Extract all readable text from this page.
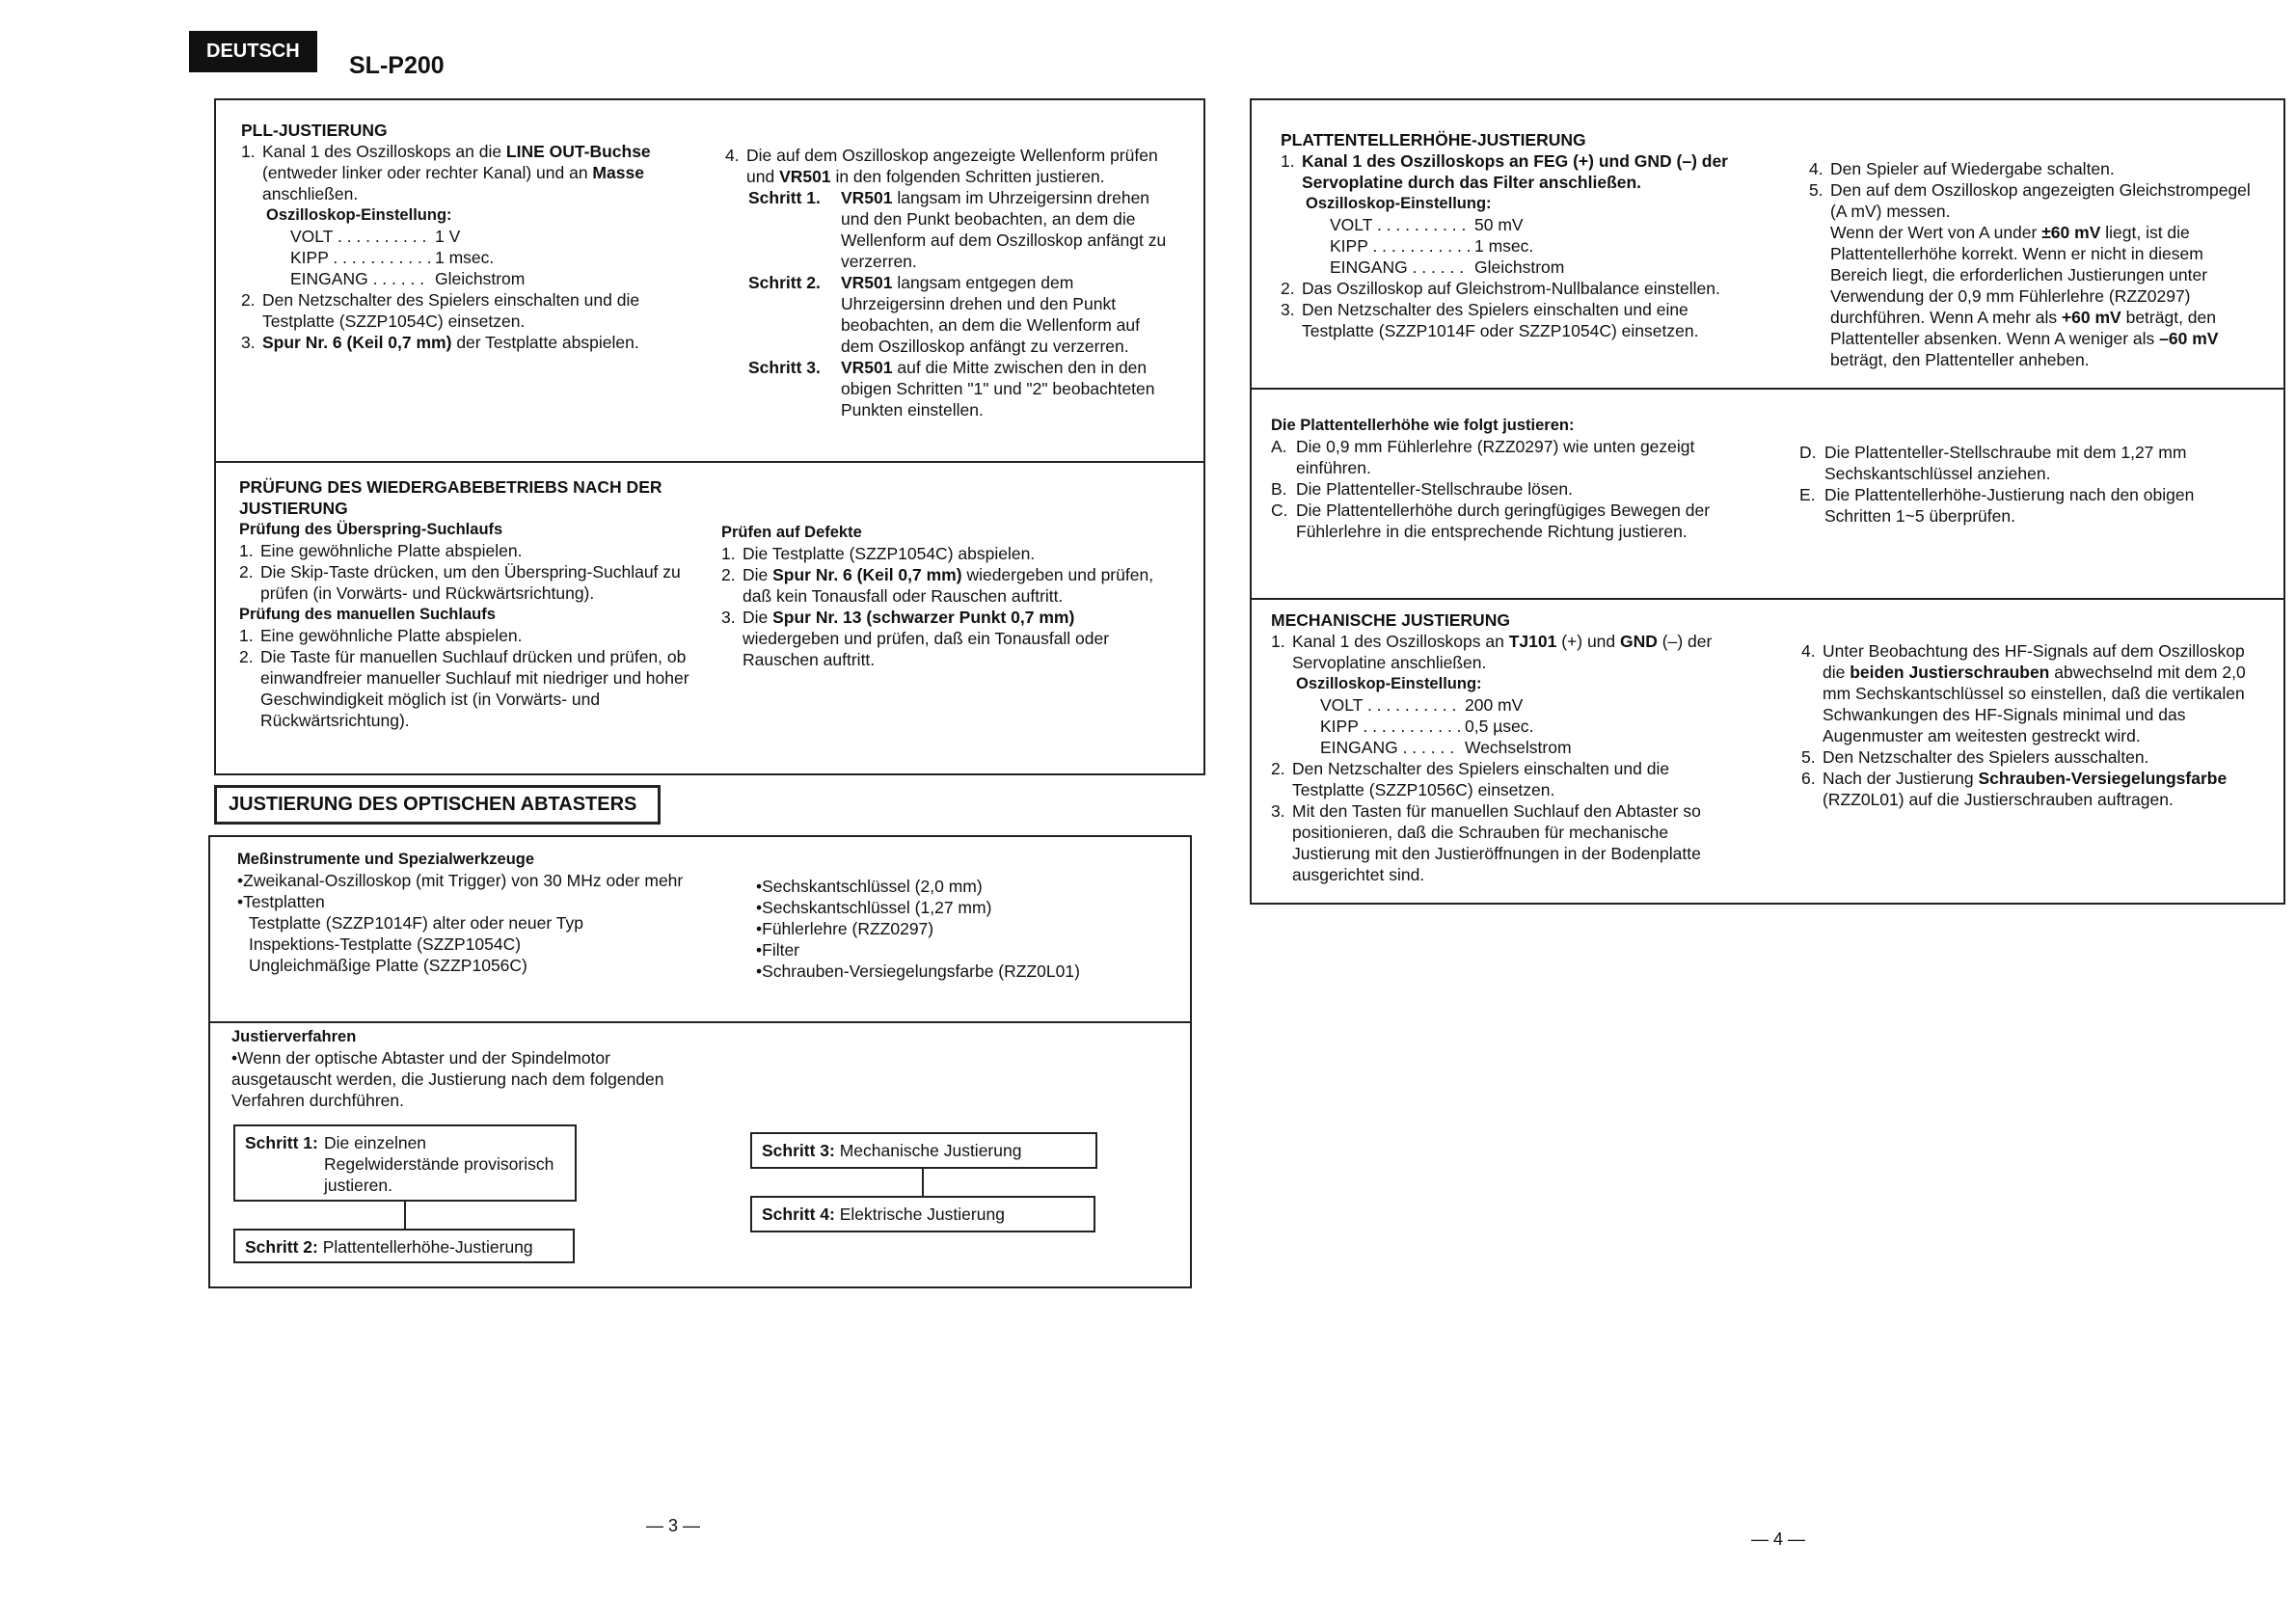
DEUTSCH
SL-P200
PLL-JUSTIERUNG
1. Kanal 1 des Oszilloskops an die LINE OUT-Buchse (entweder linker oder rechter Kanal) und an Masse anschließen.
Oszilloskop-Einstellung:
VOLT . . . . . . . . . . 1 V
KIPP . . . . . . . . . . . 1 msec.
EINGANG . . . . . . Gleichstrom
2. Den Netzschalter des Spielers einschalten und die Testplatte (SZZP1054C) einsetzen.
3. Spur Nr. 6 (Keil 0,7 mm) der Testplatte abspielen.
4. Die auf dem Oszilloskop angezeigte Wellenform prüfen und VR501 in den folgenden Schritten justieren.
Schritt 1.	VR501 langsam im Uhrzeigersinn drehen und den Punkt beobachten, an dem die Wellenform auf dem Oszilloskop anfängt zu verzerren.
Schritt 2.	VR501 langsam entgegen dem Uhrzeigersinn drehen und den Punkt beobachten, an dem die Wellenform auf dem Oszilloskop anfängt zu verzerren.
Schritt 3.	VR501 auf die Mitte zwischen den in den obigen Schritten "1" und "2" beobachteten Punkten einstellen.
PRÜFUNG DES WIEDERGABEBETRIEBS NACH DER JUSTIERUNG
Prüfung des Überspring-Suchlaufs
1. Eine gewöhnliche Platte abspielen.
2. Die Skip-Taste drücken, um den Überspring-Suchlauf zu prüfen (in Vorwärts- und Rückwärtsrichtung).
Prüfung des manuellen Suchlaufs
1. Eine gewöhnliche Platte abspielen.
2. Die Taste für manuellen Suchlauf drücken und prüfen, ob einwandfreier manueller Suchlauf mit niedriger und hoher Geschwindigkeit möglich ist (in Vorwärts- und Rückwärtsrichtung).
Prüfen auf Defekte
1. Die Testplatte (SZZP1054C) abspielen.
2. Die Spur Nr. 6 (Keil 0,7 mm) wiedergeben und prüfen, daß kein Tonausfall oder Rauschen auftritt.
3. Die Spur Nr. 13 (schwarzer Punkt 0,7 mm) wiedergeben und prüfen, daß ein Tonausfall oder Rauschen auftritt.
JUSTIERUNG DES OPTISCHEN ABTASTERS
Meßinstrumente und Spezialwerkzeuge
•Zweikanal-Oszilloskop (mit Trigger) von 30 MHz oder mehr
•Testplatten
Testplatte (SZZP1014F) alter oder neuer Typ
Inspektions-Testplatte (SZZP1054C)
Ungleichmäßige Platte (SZZP1056C)
•Sechskantschlüssel (2,0 mm)
•Sechskantschlüssel (1,27 mm)
•Fühlerlehre (RZZ0297)
•Filter
•Schrauben-Versiegelungsfarbe (RZZ0L01)
Justierverfahren
•Wenn der optische Abtaster und der Spindelmotor ausgetauscht werden, die Justierung nach dem folgenden Verfahren durchführen.
Schritt 1: Die einzelnen Regelwiderstände provisorisch justieren.
Schritt 2: Plattentellerhöhe-Justierung
Schritt 3: Mechanische Justierung
Schritt 4: Elektrische Justierung
— 3 —
PLATTENTELLERHÖHE-JUSTIERUNG
1. Kanal 1 des Oszilloskops an FEG (+) und GND (–) der Servoplatine durch das Filter anschließen.
Oszilloskop-Einstellung:
VOLT . . . . . . . . . . 50 mV
KIPP . . . . . . . . . . . 1 msec.
EINGANG . . . . . . Gleichstrom
2. Das Oszilloskop auf Gleichstrom-Nullbalance einstellen.
3. Den Netzschalter des Spielers einschalten und eine Testplatte (SZZP1014F oder SZZP1054C) einsetzen.
4. Den Spieler auf Wiedergabe schalten.
5. Den auf dem Oszilloskop angezeigten Gleichstrompegel (A mV) messen.
Wenn der Wert von A under ±60 mV liegt, ist die Plattentellerhöhe korrekt. Wenn er nicht in diesem Bereich liegt, die erforderlichen Justierungen unter Verwendung der 0,9 mm Fühlerlehre (RZZ0297) durchführen. Wenn A mehr als +60 mV beträgt, den Plattenteller absenken. Wenn A weniger als –60 mV beträgt, den Plattenteller anheben.
Die Plattentellerhöhe wie folgt justieren:
A. Die 0,9 mm Fühlerlehre (RZZ0297) wie unten gezeigt einführen.
B. Die Plattenteller-Stellschraube lösen.
C. Die Plattentellerhöhe durch geringfügiges Bewegen der Fühlerlehre in die entsprechende Richtung justieren.
D. Die Plattenteller-Stellschraube mit dem 1,27 mm Sechskantschlüssel anziehen.
E. Die Plattentellerhöhe-Justierung nach den obigen Schritten 1~5 überprüfen.
MECHANISCHE JUSTIERUNG
1. Kanal 1 des Oszilloskops an TJ101 (+) und GND (–) der Servoplatine anschließen.
Oszilloskop-Einstellung:
VOLT . . . . . . . . . . 200 mV
KIPP . . . . . . . . . . . 0,5 µsec.
EINGANG . . . . . . Wechselstrom
2. Den Netzschalter des Spielers einschalten und die Testplatte (SZZP1056C) einsetzen.
3. Mit den Tasten für manuellen Suchlauf den Abtaster so positionieren, daß die Schrauben für mechanische Justierung mit den Justieröffnungen in der Bodenplatte ausgerichtet sind.
4. Unter Beobachtung des HF-Signals auf dem Oszilloskop die beiden Justierschrauben abwechselnd mit dem 2,0 mm Sechskantschlüssel so einstellen, daß die vertikalen Schwankungen des HF-Signals minimal und das Augenmuster am weitesten gestreckt wird.
5. Den Netzschalter des Spielers ausschalten.
6. Nach der Justierung Schrauben-Versiegelungsfarbe (RZZ0L01) auf die Justierschrauben auftragen.
— 4 —
